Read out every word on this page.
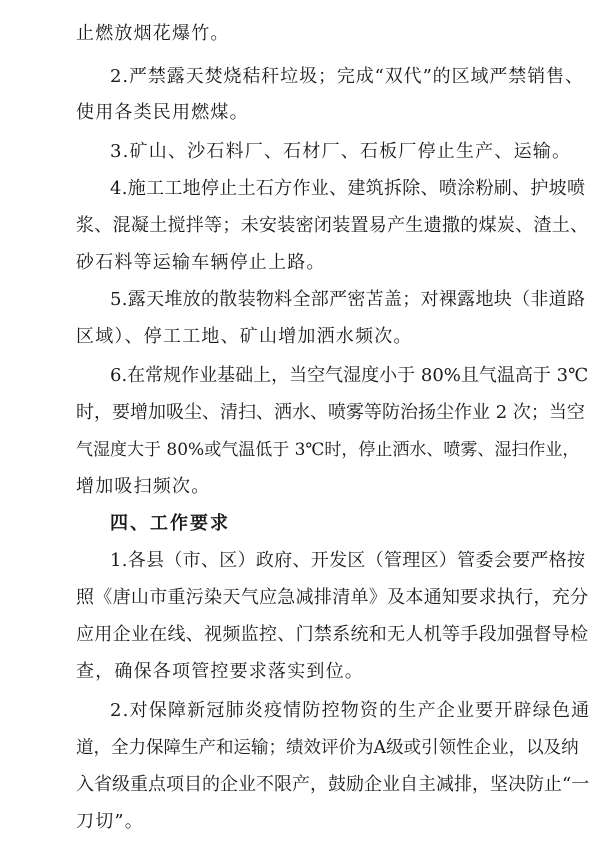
止燃放烟花爆竹。
2.严禁露天焚烧秸秆垃圾；完成“双代”的区域严禁销售、
使用各类民用燃煤。
3.矿山、沙石料厂、石材厂、石板厂停止生产、运输。
4.施工工地停止土石方作业、建筑拆除、喷涂粉刷、护坡喷
浆、混凝土搅拌等；未安装密闭装置易产生遗撒的煤炭、渣土、
砂石料等运输车辆停止上路。
5.露天堆放的散装物料全部严密苫盖；对裸露地块（非道路
区域）、停工工地、矿山增加洒水频次。
6.在常规作业基础上，当空气湿度小于 80%且气温高于 3℃
时，要增加吸尘、清扫、洒水、喷雾等防治扬尘作业 2 次；当空
气湿度大于 80%或气温低于 3℃时，停止洒水、喷雾、湿扫作业，
增加吸扫频次。
四、工作要求
1.各县（市、区）政府、开发区（管理区）管委会要严格按
照《唐山市重污染天气应急减排清单》及本通知要求执行，充分
应用企业在线、视频监控、门禁系统和无人机等手段加强督导检
查，确保各项管控要求落实到位。
2.对保障新冠肺炎疫情防控物资的生产企业要开辟绿色通
道，全力保障生产和运输；绩效评价为A级或引领性企业，以及纳
入省级重点项目的企业不限产，鼓励企业自主减排，坚决防止“一
刀切”。
